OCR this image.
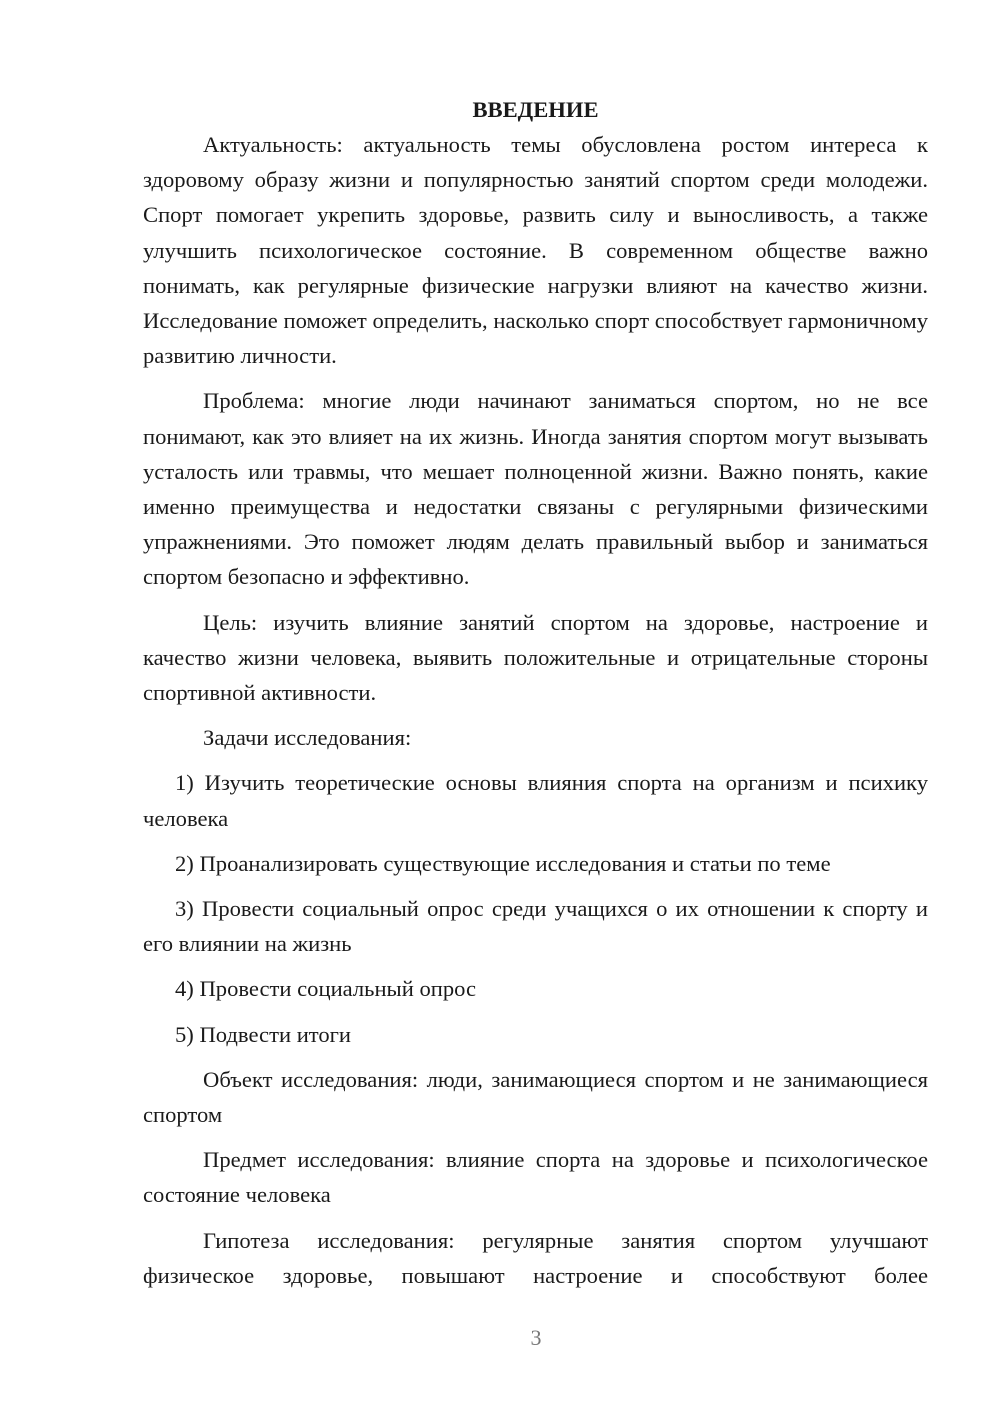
ВВЕДЕНИЕ

Актуальность: актуальность темы обусловлена ростом интереса к здоровому образу жизни и популярностью занятий спортом среди молодежи. Спорт помогает укрепить здоровье, развить силу и выносливость, а также улучшить психологическое состояние. В современном обществе важно понимать, как регулярные физические нагрузки влияют на качество жизни. Исследование поможет определить, насколько спорт способствует гармоничному развитию личности.

Проблема: многие люди начинают заниматься спортом, но не все понимают, как это влияет на их жизнь. Иногда занятия спортом могут вызывать усталость или травмы, что мешает полноценной жизни. Важно понять, какие именно преимущества и недостатки связаны с регулярными физическими упражнениями. Это поможет людям делать правильный выбор и заниматься спортом безопасно и эффективно.

Цель: изучить влияние занятий спортом на здоровье, настроение и качество жизни человека, выявить положительные и отрицательные стороны спортивной активности.

Задачи исследования:

1) Изучить теоретические основы влияния спорта на организм и психику человека

2) Проанализировать существующие исследования и статьи по теме

3) Провести социальный опрос среди учащихся о их отношении к спорту и его влиянии на жизнь

4) Провести социальный опрос

5) Подвести итоги

Объект исследования: люди, занимающиеся спортом и не занимающиеся спортом

Предмет исследования: влияние спорта на здоровье и психологическое состояние человека

Гипотеза исследования: регулярные занятия спортом улучшают физическое здоровье, повышают настроение и способствуют более

3
